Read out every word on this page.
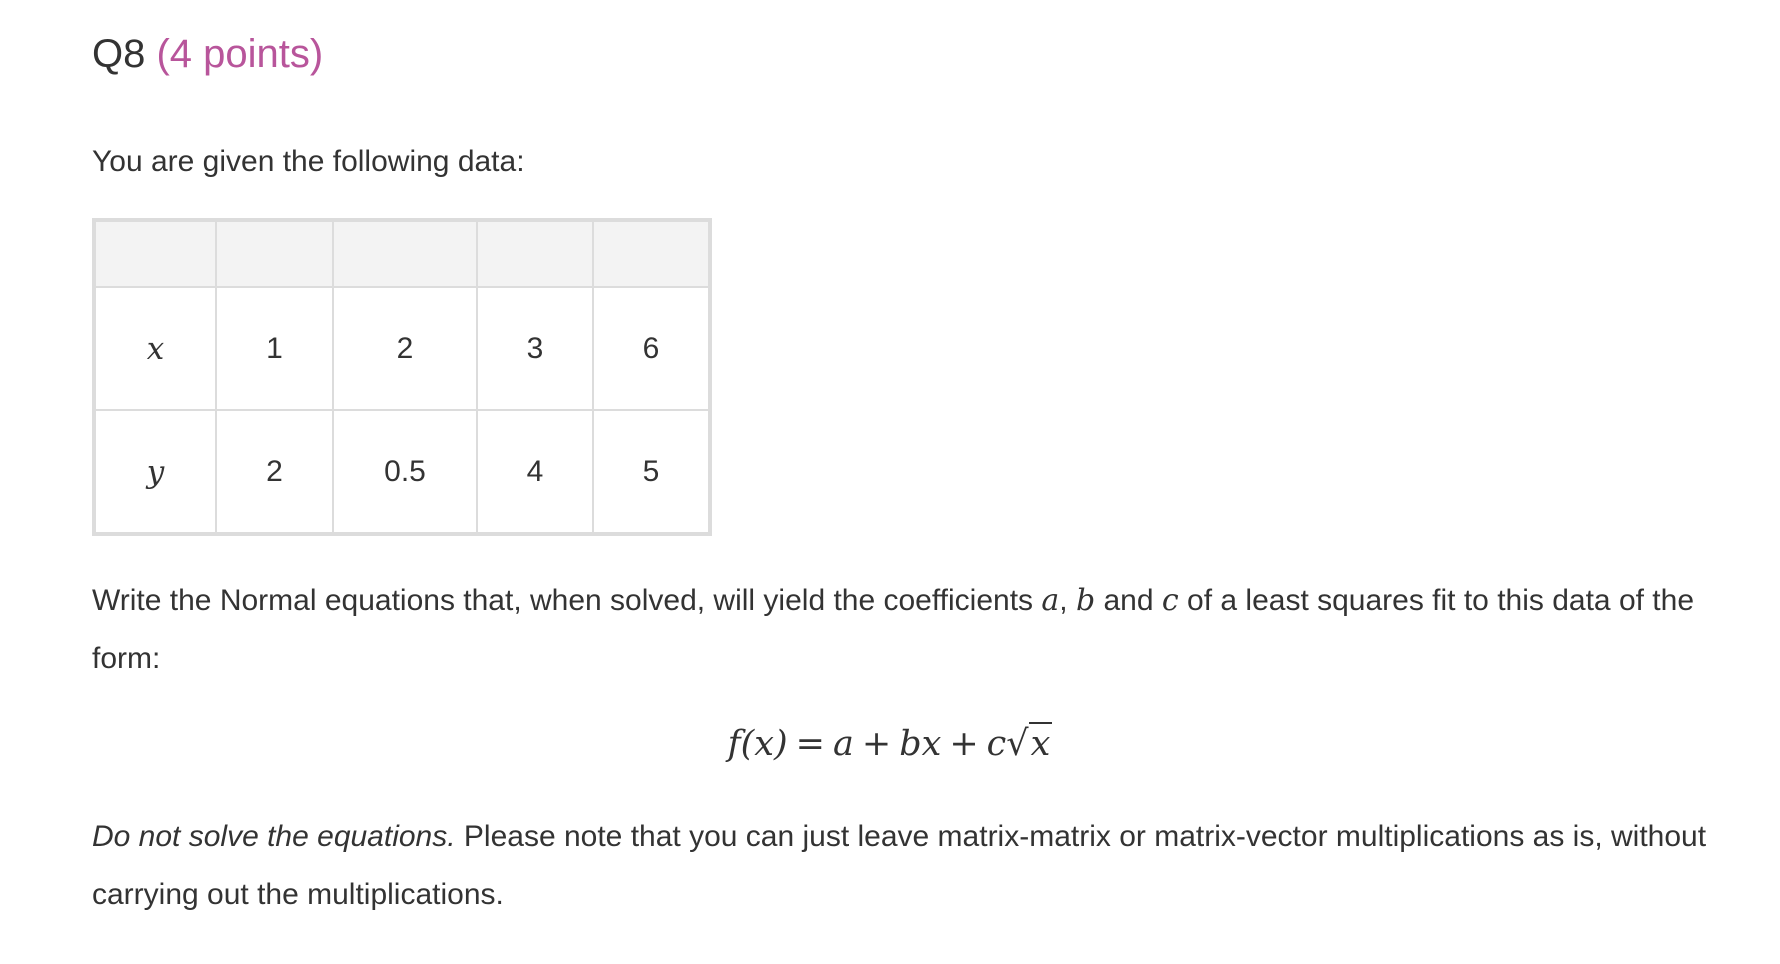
Q8 (4 points)
You are given the following data:

x	1	2	3	6
y	2	0.5	4	5
Write the Normal equations that, when solved, will yield the coefficients a, b and c of a least squares fit to this data of the form:
f(x) = a + bx + c√x
Do not solve the equations. Please note that you can just leave matrix-matrix or matrix-vector multiplications as is, without carrying out the multiplications.
